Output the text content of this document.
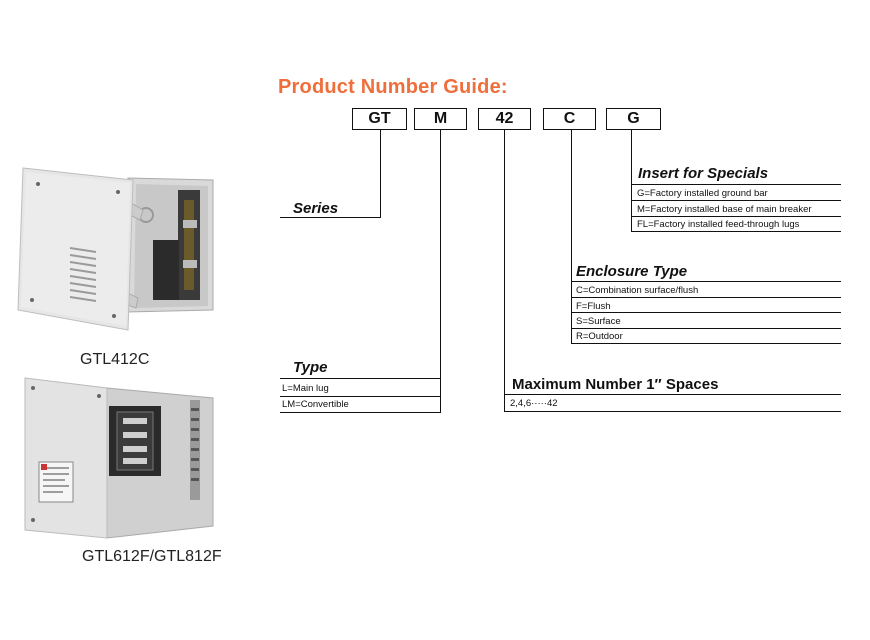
Product Number Guide:
GT	M	42	C	G
Series
Insert for Specials
G=Factory installed ground bar
M=Factory installed base of main breaker
FL=Factory installed feed-through lugs
Enclosure Type
C=Combination surface/flush
F=Flush
S=Surface
R=Outdoor
Type
L=Main lug
LM=Convertible
Maximum Number 1″ Spaces
2,4,6·····42
GTL412C
GTL612F/GTL812F
